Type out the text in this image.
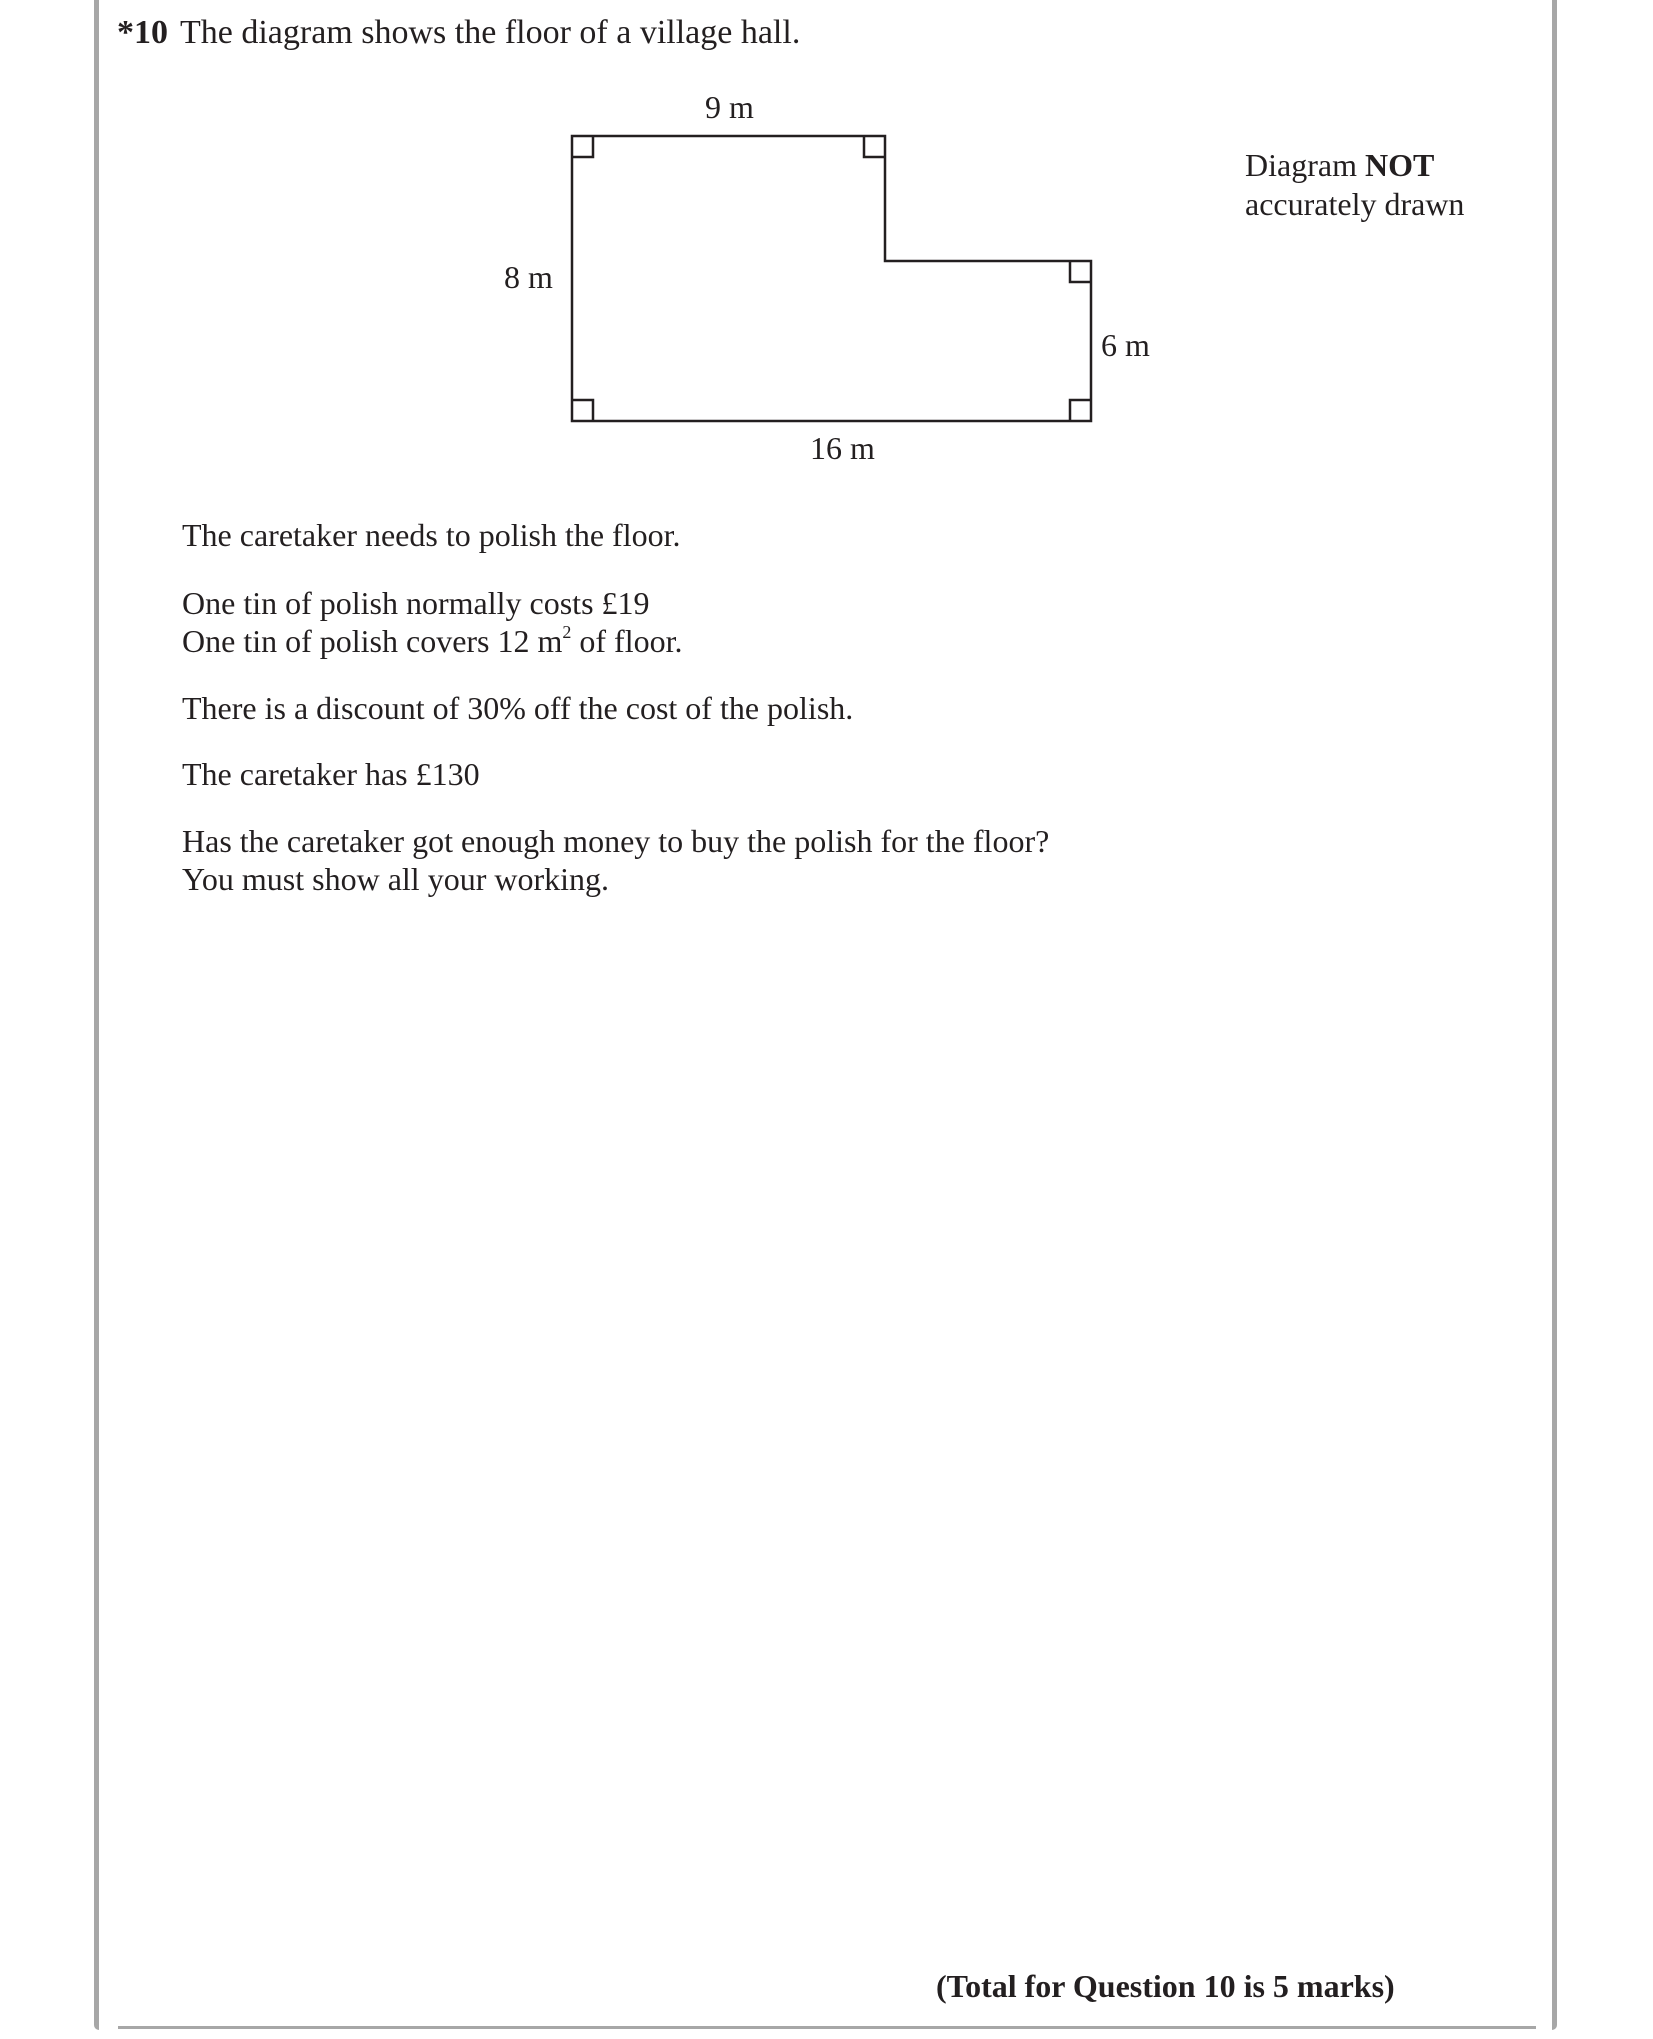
*10 The diagram shows the floor of a village hall.
9 m
8 m
6 m
16 m
Diagram NOT
accurately drawn
The caretaker needs to polish the floor.
One tin of polish normally costs £19
One tin of polish covers 12 $m^2$ of floor.
There is a discount of 30% off the cost of the polish.
The caretaker has £130
Has the caretaker got enough money to buy the polish for the floor?
You must show all your working.
(Total for Question 10 is 5 marks)
